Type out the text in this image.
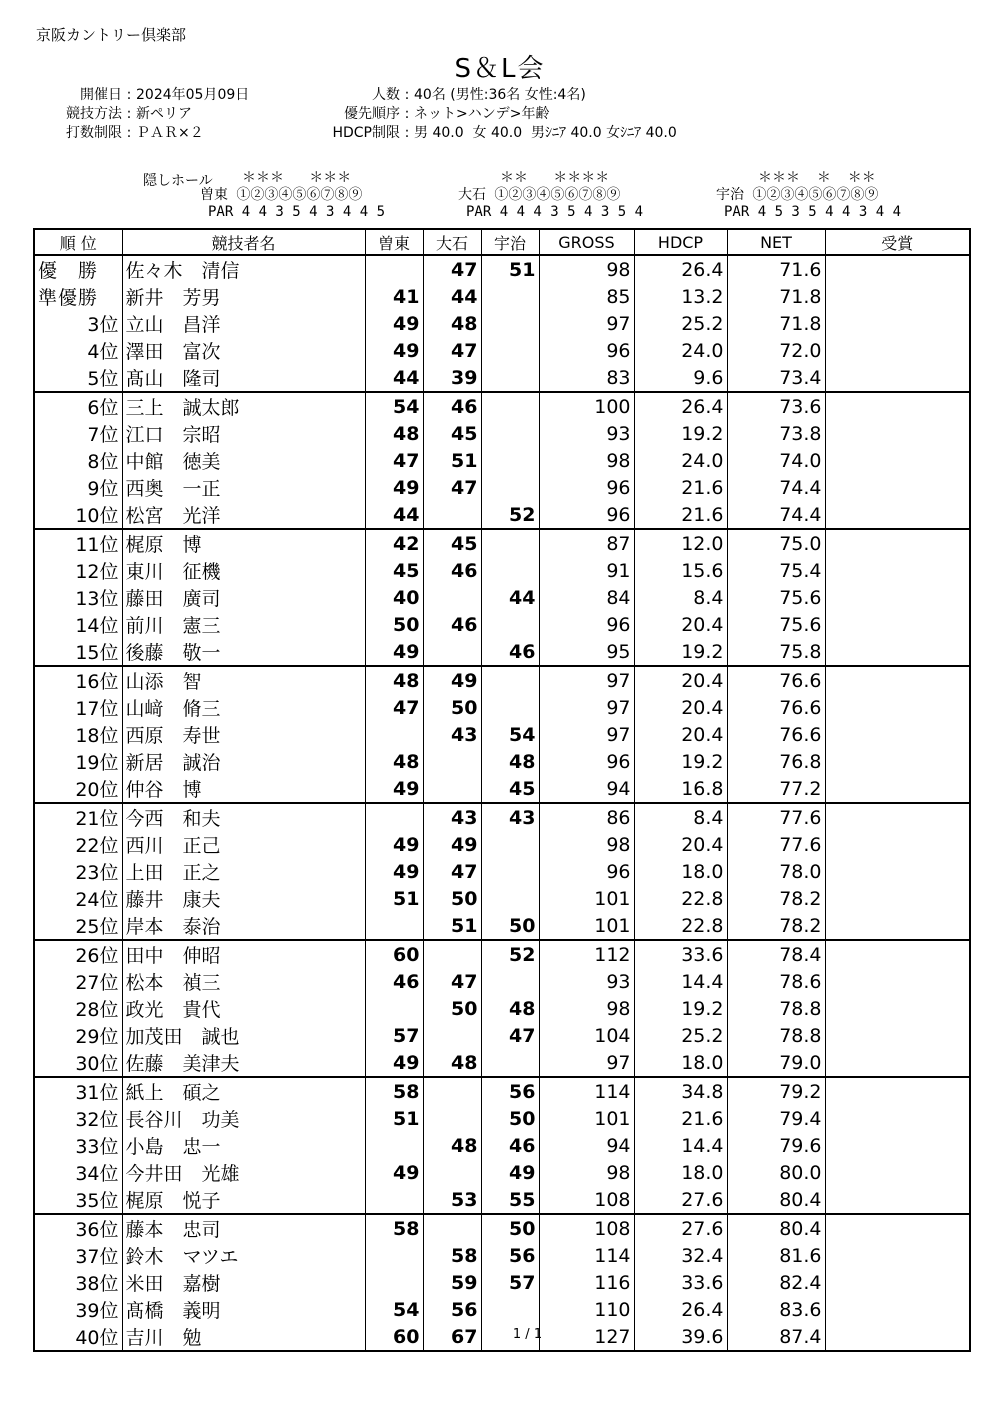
京阪カントリー倶楽部
S＆L会
開催日 : 2024年05月09日
競技方法 : 新ペリア
打数制限 : ＰＡＲ×２
人数 : 40名 (男性:36名 女性:4名)
優先順序 : ネット>ハンデ>年齢
HDCP制限 : 男 40.0  女 40.0  男ｼﾆｱ 40.0 女ｼﾆｱ 40.0
隠しホール	＊＊＊   ＊＊＊
曽東 ①②③④⑤⑥⑦⑧⑨
PAR 4 4 3 5 4 3 4 4 5
＊＊   ＊＊＊＊
大石 ①②③④⑤⑥⑦⑧⑨
PAR 4 4 4 3 5 4 3 5 4
＊＊＊  ＊  ＊＊
宇治 ①②③④⑤⑥⑦⑧⑨
PAR 4 5 3 5 4 4 3 4 4
順 位	競技者名	曽東	大石	宇治	GROSS	HDCP	NET	受賞
優　勝	佐々木　清信		47	51	98	26.4	71.6	
準優勝	新井　芳男	41	44		85	13.2	71.8	
3位	立山　昌洋	49	48		97	25.2	71.8	
4位	澤田　富次	49	47		96	24.0	72.0	
5位	髙山　隆司	44	39		83	9.6	73.4	
6位	三上　誠太郎	54	46		100	26.4	73.6	
7位	江口　宗昭	48	45		93	19.2	73.8	
8位	中館　徳美	47	51		98	24.0	74.0	
9位	西奥　一正	49	47		96	21.6	74.4	
10位	松宮　光洋	44		52	96	21.6	74.4	
11位	梶原　博	42	45		87	12.0	75.0	
12位	東川　征機	45	46		91	15.6	75.4	
13位	藤田　廣司	40		44	84	8.4	75.6	
14位	前川　憲三	50	46		96	20.4	75.6	
15位	後藤　敬一	49		46	95	19.2	75.8	
16位	山添　智	48	49		97	20.4	76.6	
17位	山﨑　脩三	47	50		97	20.4	76.6	
18位	西原　寿世		43	54	97	20.4	76.6	
19位	新居　誠治	48		48	96	19.2	76.8	
20位	仲谷　博	49		45	94	16.8	77.2	
21位	今西　和夫		43	43	86	8.4	77.6	
22位	西川　正己	49	49		98	20.4	77.6	
23位	上田　正之	49	47		96	18.0	78.0	
24位	藤井　康夫	51	50		101	22.8	78.2	
25位	岸本　泰治		51	50	101	22.8	78.2	
26位	田中　伸昭	60		52	112	33.6	78.4	
27位	松本　禎三	46	47		93	14.4	78.6	
28位	政光　貴代		50	48	98	19.2	78.8	
29位	加茂田　誠也	57		47	104	25.2	78.8	
30位	佐藤　美津夫	49	48		97	18.0	79.0	
31位	紙上　碩之	58		56	114	34.8	79.2	
32位	長谷川　功美	51		50	101	21.6	79.4	
33位	小島　忠一		48	46	94	14.4	79.6	
34位	今井田　光雄	49		49	98	18.0	80.0	
35位	梶原　悦子		53	55	108	27.6	80.4	
36位	藤本　忠司	58		50	108	27.6	80.4	
37位	鈴木　マツエ		58	56	114	32.4	81.6	
38位	米田　嘉樹		59	57	116	33.6	82.4	
39位	髙橋　義明	54	56		110	26.4	83.6	
40位	吉川　勉	60	67		127	39.6	87.4	
1 / 1
